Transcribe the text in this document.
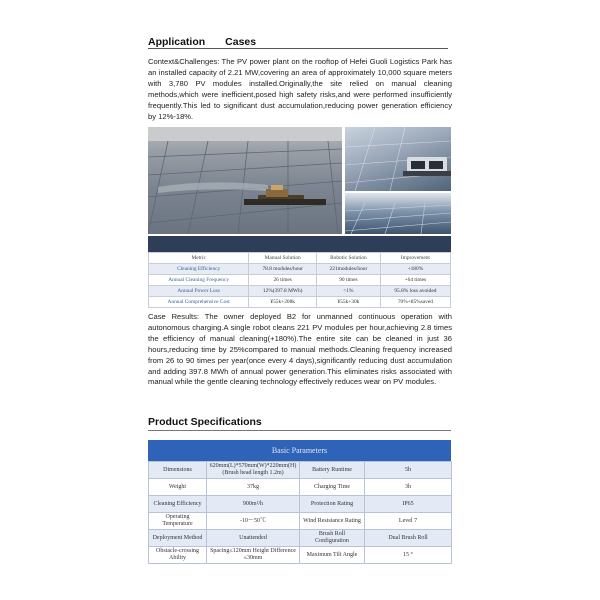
Application Cases
Context&Challenges: The PV power plant on the rooftop of Hefei Guoli Logistics Park has an installed capacity of 2.21 MW,covering an area of approximately 10,000 square meters with 3,780 PV modules installed.Originally,the site relied on manual cleaning methods,which were inefficient,posed high safety risks,and were performed insufficiently frequently.This led to significant dust accumulation,reducing power generation efficiency by 12%-18%.
Metric	Manual Solution	Robotic Solution	Improvement
Cleaning Efficiency	78.8 modules/hour	221modules/hour	+180%
Annual Cleaning Frequency	26 times	90 times	+64 times
Annual Power Loss	12%(397.8 MWh)	<1%	95.8% loss avoided
Annual Comprehensive Cost	¥55k+208k	¥55k+30k	70%+85%saved
Case Results: The owner deployed B2 for unmanned continuous operation with autonomous charging.A single robot cleans 221 PV modules per hour,achieving 2.8 times the efficiency of manual cleaning(+180%).The entire site can be cleaned in just 36 hours,reducing time by 25%compared to manual methods.Cleaning frequency increased from 26 to 90 times per year(once every 4 days),significantly reducing dust accumulation and adding 397.8 MWh of annual power generation.This eliminates risks associated with manual while the gentle cleaning technology effectively reduces wear on PV modules.
Product Specifications
Basic Parameters
Dimensions	620mm(L)*570mm(W)*220mm(H) (Brush head length 1.2m)	Battery Runtime	5h
Weight	37kg	Charging Time	3h
Cleaning Efficiency	900m²/h	Protection Rating	IP65
Operating Temperature	-10～50℃	Wind Resistance Rating	Level 7
Deployment Method	Unattended	Brush Roll Configuration	Dual Brush Roll
Obstacle-crossing Ability	Spacing≤120mm Height Difference ≤30mm	Maximum Tilt Angle	15 °
